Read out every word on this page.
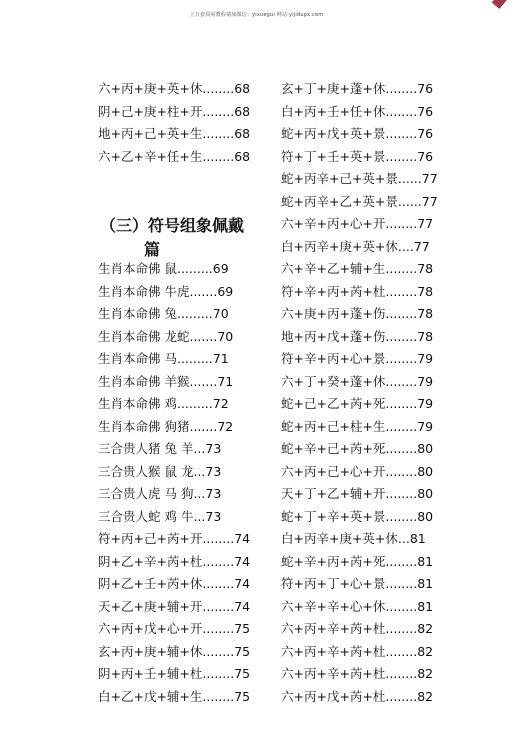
上万套周易教程请加微信：yixuegui 网站:yijidupx.com
六+丙+庚+英+休........68
阴+己+庚+柱+开........68
地+丙+己+英+生........68
六+乙+辛+任+生........68
（三）符号组象佩戴
篇
生肖本命佛 鼠.........69
生肖本命佛 牛虎.......69
生肖本命佛 兔.........70
生肖本命佛 龙蛇.......70
生肖本命佛 马.........71
生肖本命佛 羊猴.......71
生肖本命佛 鸡.........72
生肖本命佛 狗猪.......72
三合贵人猪 兔 羊...73
三合贵人猴 鼠 龙...73
三合贵人虎 马 狗...73
三合贵人蛇 鸡 牛...73
符+丙+己+芮+开........74
阴+乙+辛+芮+杜........74
阴+乙+壬+芮+休........74
天+乙+庚+辅+开........74
六+丙+戊+心+开........75
玄+丙+庚+辅+休........75
阴+丙+壬+辅+杜........75
白+乙+戊+辅+生........75
玄+丁+庚+蓬+休........76
白+丙+壬+任+休........76
蛇+丙+戊+英+景........76
符+丁+壬+英+景........76
蛇+丙辛+己+英+景......77
蛇+丙辛+乙+英+景......77
六+辛+丙+心+开........77
白+丙辛+庚+英+休....77
六+辛+乙+辅+生........78
符+辛+丙+芮+杜........78
六+庚+丙+蓬+伤........78
地+丙+戊+蓬+伤........78
符+辛+丙+心+景........79
六+丁+癸+蓬+休........79
蛇+己+乙+芮+死........79
蛇+丙+己+柱+生........79
蛇+辛+己+芮+死........80
六+丙+己+心+开........80
天+丁+乙+辅+开........80
蛇+丁+辛+英+景........80
白+丙辛+庚+英+休...81
蛇+辛+丙+芮+死........81
符+丙+丁+心+景........81
六+辛+辛+心+休........81
六+丙+辛+芮+杜........82
六+丙+辛+芮+杜........82
六+丙+辛+芮+杜........82
六+丙+戊+芮+杜........82
